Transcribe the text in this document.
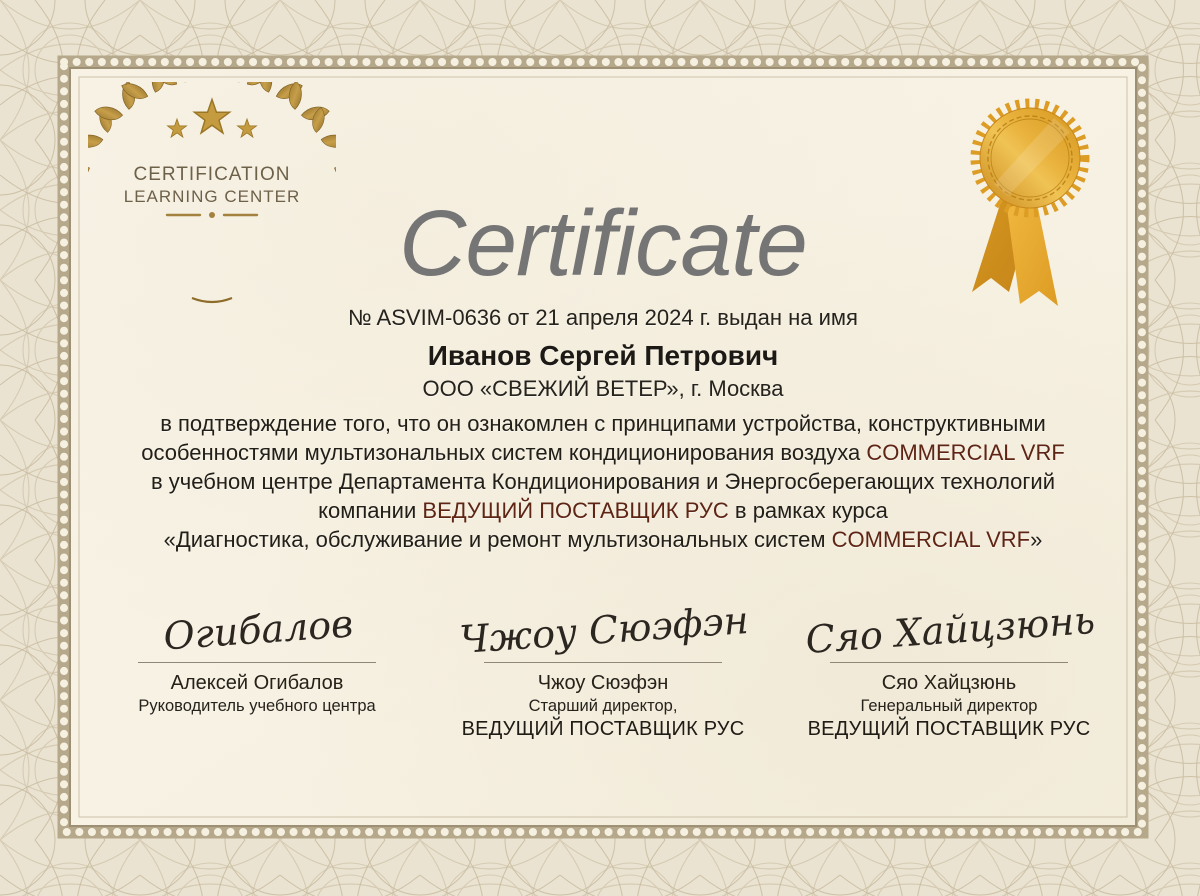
CERTIFICATION
LEARNING CENTER	Certificate
№ ASVIM-0636 от 21 апреля 2024 г. выдан на имя
Иванов Сергей Петрович
ООО «СВЕЖИЙ ВЕТЕР», г. Москва
в подтверждение того, что он ознакомлен с принципами устройства, конструктивными
особенностями мультизональных систем кондиционирования воздуха COMMERCIAL VRF
в учебном центре Департамента Кондиционирования и Энергосберегающих технологий
компании ВЕДУЩИЙ ПОСТАВЩИК РУС в рамках курса
«Диагностика, обслуживание и ремонт мультизональных систем COMMERCIAL VRF»
Огибалов
Алексей Огибалов
Руководитель учебного центра
Чжоу Сюэфэн
Чжоу Сюэфэн
Старший директор,
ВЕДУЩИЙ ПОСТАВЩИК РУС
Сяо Хайцзюнь
Сяо Хайцзюнь
Генеральный директор
ВЕДУЩИЙ ПОСТАВЩИК РУС
